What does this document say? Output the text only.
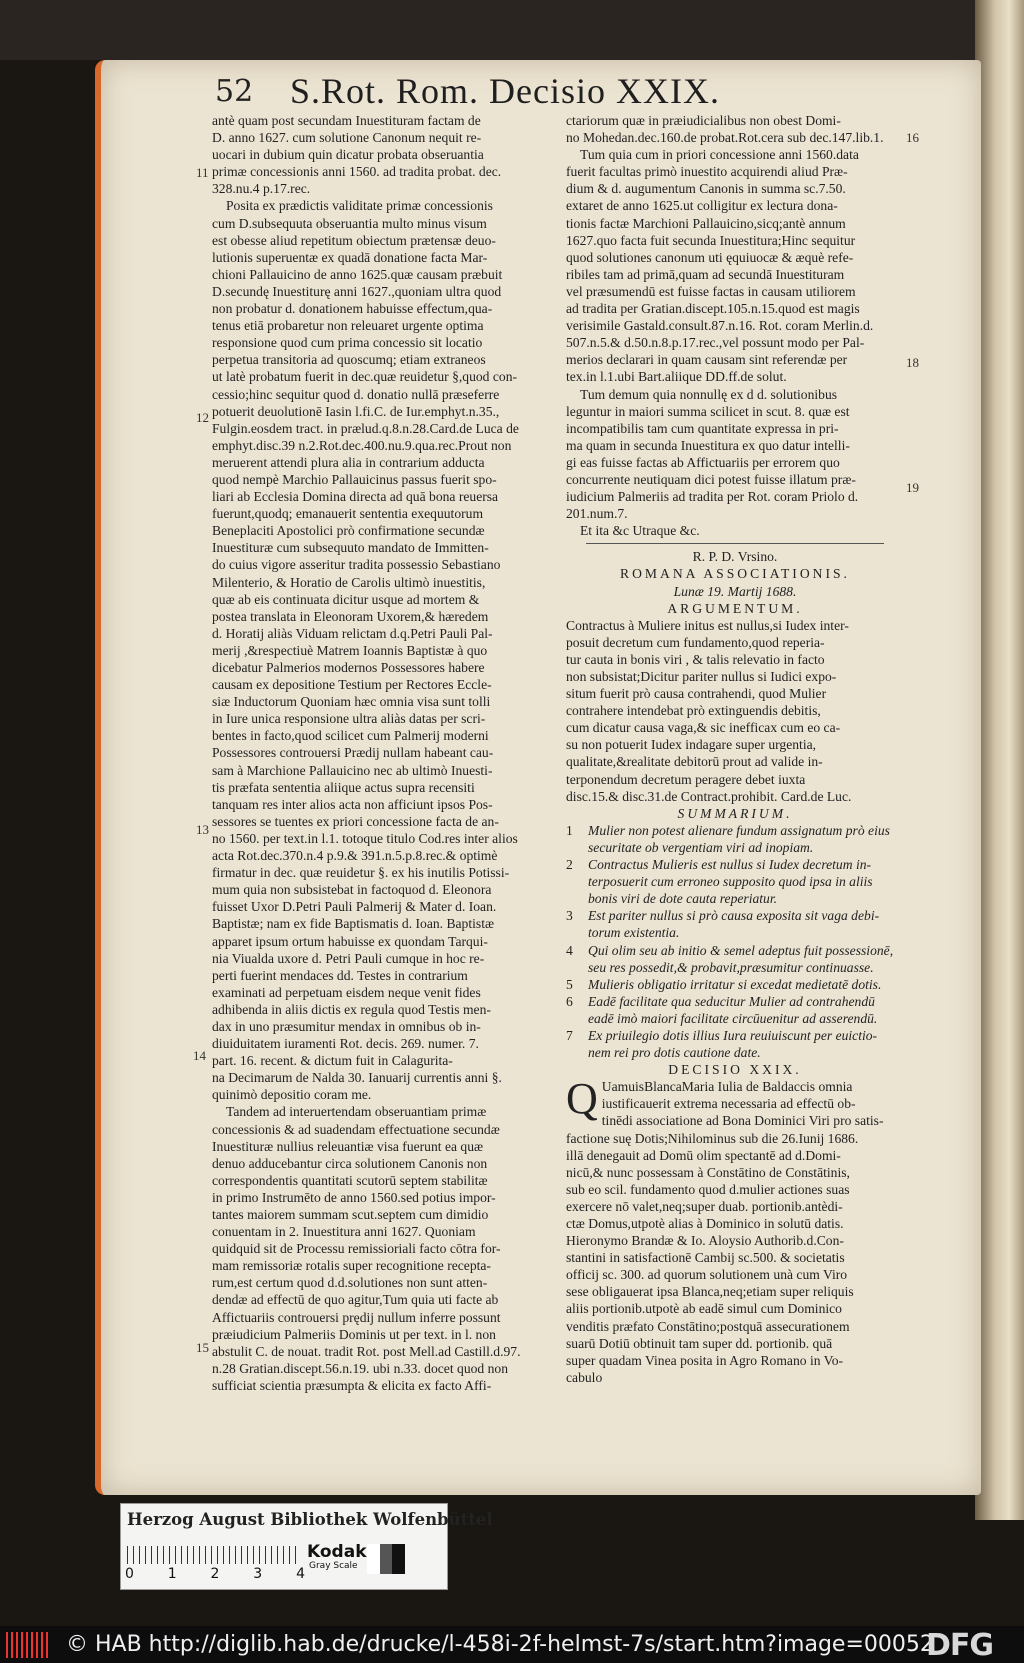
52 S.Rot. Rom. Decisio XXIX.

antè quam post secundam Inuestituram factam de
D. anno 1627. cum solutione Canonum nequit re-
uocari in dubium quin dicatur probata obseruantia
primæ concessionis anni 1560. ad tradita probat. dec.
328.nu.4 p.17.rec.

Posita ex prædictis validitate primæ concessionis
cum D.subsequuta obseruantia multo minus visum
est obesse aliud repetitum obiectum prætensæ deuo-
lutionis superuentæ ex quadā donatione facta Mar-
chioni Pallauicino de anno 1625.quæ causam præbuit
D.secundę Inuestiturę anni 1627.,quoniam ultra quod
non probatur d. donationem habuisse effectum,qua-
tenus etiā probaretur non releuaret urgente optima
responsione quod cum prima concessio sit locatio
perpetua transitoria ad quoscumq; etiam extraneos
ut latè probatum fuerit in dec.quæ reuidetur §,quod con-
cessio;hinc sequitur quod d. donatio nullā præseferre
potuerit deuolutionē Iasin l.fi.C. de Iur.emphyt.n.35.,
Fulgin.eosdem tract. in prælud.q.8.n.28.Card.de Luca de
emphyt.disc.39 n.2.Rot.dec.400.nu.9.qua.rec.Prout non
meruerent attendi plura alia in contrarium adducta
quod nempè Marchio Pallauicinus passus fuerit spo-
liari ab Ecclesia Domina directa ad quā bona reuersa
fuerunt,quodq; emanauerit sententia exequutorum
Beneplaciti Apostolici prò confirmatione secundæ
Inuestituræ cum subsequuto mandato de Immitten-
do cuius vigore asseritur tradita possessio Sebastiano
Milenterio, & Horatio de Carolis ultimò inuestitis,
quæ ab eis continuata dicitur usque ad mortem &
postea translata in Eleonoram Uxorem,& hæredem
d. Horatij aliàs Viduam relictam d.q.Petri Pauli Pal-
merij ,&respectiuè Matrem Ioannis Baptistæ à quo
dicebatur Palmerios modernos Possessores habere
causam ex depositione Testium per Rectores Eccle-
siæ Inductorum Quoniam hæc omnia visa sunt tolli
in Iure unica responsione ultra aliàs datas per scri-
bentes in facto,quod scilicet cum Palmerij moderni
Possessores controuersi Prædij nullam habeant cau-
sam à Marchione Pallauicino nec ab ultimò Inuesti-
tis præfata sententia aliique actus supra recensiti
tanquam res inter alios acta non afficiunt ipsos Pos-
sessores se tuentes ex priori concessione facta de an-
no 1560. per text.in l.1. totoque titulo Cod.res inter alios
acta Rot.dec.370.n.4 p.9.& 391.n.5.p.8.rec.& optimè
firmatur in dec. quæ reuidetur §. ex his inutilis Potissi-
mum quia non subsistebat in factoquod d. Eleonora
fuisset Uxor D.Petri Pauli Palmerij & Mater d. Ioan.
Baptistæ; nam ex fide Baptismatis d. Ioan. Baptistæ
apparet ipsum ortum habuisse ex quondam Tarqui-
nia Viualda uxore d. Petri Pauli cumque in hoc re-
perti fuerint mendaces dd. Testes in contrarium
examinati ad perpetuam eisdem neque venit fides
adhibenda in aliis dictis ex regula quod Testis men-
dax in uno præsumitur mendax in omnibus ob in-
diuiduitatem iuramenti Rot. decis. 269. numer. 7.
part. 16. recent. & dictum fuit in Calagurita-
na Decimarum de Nalda 30. Ianuarij currentis anni §.
quinimò depositio coram me.

Tandem ad interuertendam obseruantiam primæ
concessionis & ad suadendam effectuatione secundæ
Inuestituræ nullius releuantiæ visa fuerunt ea quæ
denuo adducebantur circa solutionem Canonis non
correspondentis quantitati scutorū septem stabilitæ
in primo Instrumēto de anno 1560.sed potius impor-
tantes maiorem summam scut.septem cum dimidio
conuentam in 2. Inuestitura anni 1627. Quoniam
quidquid sit de Processu remissioriali facto cōtra for-
mam remissoriæ rotalis super recognitione recepta-
rum,est certum quod d.d.solutiones non sunt atten-
dendæ ad effectū de quo agitur,Tum quia uti facte ab
Affictuariis controuersi prędij nullum inferre possunt
præiudicium Palmeriis Dominis ut per text. in l. non
abstulit C. de nouat. tradit Rot. post Mell.ad Castill.d.97.
n.28 Gratian.discept.56.n.19. ubi n.33. docet quod non
sufficiat scientia præsumpta & elicita ex facto Affi-

11
12
13
14
15

ctariorum quæ in præiudicialibus non obest Domi-
no Mohedan.dec.160.de probat.Rot.cera sub dec.147.lib.1.

Tum quia cum in priori concessione anni 1560.data
fuerit facultas primò inuestito acquirendi aliud Præ-
dium & d. augumentum Canonis in summa sc.7.50.
extaret de anno 1625.ut colligitur ex lectura dona-
tionis factæ Marchioni Pallauicino,sicq;antè annum
1627.quo facta fuit secunda Inuestitura;Hinc sequitur
quod solutiones canonum uti ęquiuocæ & æquè refe-
ribiles tam ad primā,quam ad secundā Inuestituram
vel præsumendū est fuisse factas in causam utiliorem
ad tradita per Gratian.discept.105.n.15.quod est magis
verisimile Gastald.consult.87.n.16. Rot. coram Merlin.d.
507.n.5.& d.50.n.8.p.17.rec.,vel possunt modo per Pal-
merios declarari in quam causam sint referendæ per
tex.in l.1.ubi Bart.aliique DD.ff.de solut.

Tum demum quia nonnullę ex d d. solutionibus
leguntur in maiori summa scilicet in scut. 8. quæ est
incompatibilis tam cum quantitate expressa in pri-
ma quam in secunda Inuestitura ex quo datur intelli-
gi eas fuisse factas ab Affictuariis per errorem quo
concurrente neutiquam dici potest fuisse illatum præ-
iudicium Palmeriis ad tradita per Rot. coram Priolo d.
201.num.7.

Et ita &c Utraque &c.

R. P. D. Vrsino.

ROMANA ASSOCIATIONIS.

Lunæ 19. Martij 1688.

ARGUMENTUM.

Contractus à Muliere initus est nullus,si Iudex inter-
posuit decretum cum fundamento,quod reperia-
tur cauta in bonis viri , & talis relevatio in facto
non subsistat;Dicitur pariter nullus si Iudici expo-
situm fuerit prò causa contrahendi, quod Mulier
contrahere intendebat prò extinguendis debitis,
cum dicatur causa vaga,& sic inefficax cum eo ca-
su non potuerit Iudex indagare super urgentia,
qualitate,&realitate debitorū prout ad valide in-
terponendum decretum peragere debet iuxta
disc.15.& disc.31.de Contract.prohibit. Card.de Luc.

SUMMARIUM.

1	Mulier non potest alienare fundum assignatum prò eius
securitate ob vergentiam viri ad inopiam.

2	Contractus Mulieris est nullus si Iudex decretum in-
terposuerit cum erroneo supposito quod ipsa in aliis
bonis viri de dote cauta reperiatur.

3	Est pariter nullus si prò causa exposita sit vaga debi-
torum existentia.

4	Qui olim seu ab initio & semel adeptus fuit possessionē,
seu res possedit,& probavit,præsumitur continuasse.

5	Mulieris obligatio irritatur si excedat medietatē dotis.

6	Eadē facilitate qua seducitur Mulier ad contrahendū
eadē imò maiori facilitate circūuenitur ad asserendū.

7	Ex priuilegio dotis illius Iura reuiuiscunt per euictio-
nem rei pro dotis cautione date.

DECISIO XXIX.

Q UamuisBlancaMaria Iulia de Baldaccis omnia
iustificauerit extrema necessaria ad effectū ob-
tinēdi associatione ad Bona Dominici Viri pro satis-
factione suę Dotis;Nihilominus sub die 26.Iunij 1686.
illā denegauit ad Domū olim spectantē ad d.Domi-
nicū,& nunc possessam à Constātino de Constātinis,
sub eo scil. fundamento quod d.mulier actiones suas
exercere nō valet,neq;super duab. portionib.antèdi-
ctæ Domus,utpotè alias à Dominico in solutū datis.
Hieronymo Brandæ & Io. Aloysio Authorib.d.Con-
stantini in satisfactionē Cambij sc.500. & societatis
officij sc. 300. ad quorum solutionem unà cum Viro
sese obligauerat ipsa Blanca,neq;etiam super reliquis
aliis portionib.utpotè ab eadē simul cum Dominico
venditis præfato Constātino;postquā assecurationem
suarū Dotiū obtinuit tam super dd. portionib. quā
super quadam Vinea posita in Agro Romano in Vo-
cabulo

16
18
19
Herzog August Bibliothek Wolfenbüttel
0 1 2 3 4
Kodak
Gray Scale
© HAB http://diglib.hab.de/drucke/l-458i-2f-helmst-7s/start.htm?image=00052
DFG
